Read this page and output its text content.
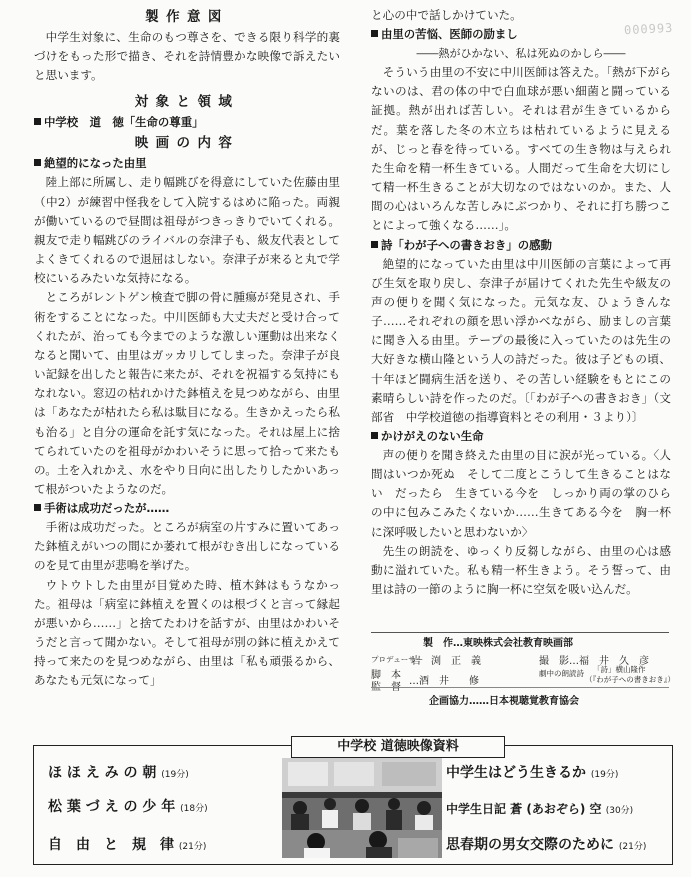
000993
製作意図

中学生対象に、生命のもつ尊さを、できる限り科学的裏づけをもった形で描き、それを詩情豊かな映像で訴えたいと思います。

対象と領域

中学校　道　徳「生命の尊重」

映画の内容

絶望的になった由里

陸上部に所属し、走り幅跳びを得意にしていた佐藤由里（中2）が練習中怪我をして入院するはめに陥った。両親が働いているので昼間は祖母がつきっきりでいてくれる。親友で走り幅跳びのライバルの奈津子も、級友代表としてよくきてくれるので退屈はしない。奈津子が来ると丸で学校にいるみたいな気持になる。

ところがレントゲン検査で脚の骨に腫瘍が発見され、手術をすることになった。中川医師も大丈夫だと受け合ってくれたが、治っても今までのような激しい運動は出来なくなると聞いて、由里はガッカリしてしまった。奈津子が良い記録を出したと報告に来たが、それを祝福する気持にもなれない。窓辺の枯れかけた鉢植えを見つめながら、由里は「あなたが枯れたら私は駄目になる。生きかえったら私も治る」と自分の運命を託す気になった。それは屋上に捨てられていたのを祖母がかわいそうに思って拾って来たもの。土を入れかえ、水をやり日向に出したりしたかいあって根がついたようなのだ。

手術は成功だったが……

手術は成功だった。ところが病室の片すみに置いてあった鉢植えがいつの間にか萎れて根がむき出しになっているのを見て由里が悲鳴を挙げた。

ウトウトした由里が目覚めた時、植木鉢はもうなかった。祖母は「病室に鉢植えを置くのは根づくと言って縁起が悪いから……」と捨てたわけを話すが、由里はかわいそうだと言って聞かない。そして祖母が別の鉢に植えかえて持って来たのを見つめながら、由里は「私も頑張るから、あなたも元気になって」

と心の中で話しかけていた。

由里の苦悩、医師の励まし

――熱がひかない、私は死ぬのかしら――

そういう由里の不安に中川医師は答えた。「熱が下がらないのは、君の体の中で白血球が悪い細菌と闘っている証拠。熱が出れば苦しい。それは君が生きているからだ。葉を落した冬の木立ちは枯れているように見えるが、じっと春を待っている。すべての生き物は与えられた生命を精一杯生きている。人間だって生命を大切にして精一杯生きることが大切なのではないのか。また、人間の心はいろんな苦しみにぶつかり、それに打ち勝つことによって強くなる……」。

詩「わが子への書きおき」の感動

絶望的になっていた由里は中川医師の言葉によって再び生気を取り戻し、奈津子が届けてくれた先生や級友の声の便りを聞く気になった。元気な友、ひょうきんな子……それぞれの顔を思い浮かべながら、励ましの言葉に聞き入る由里。テープの最後に入っていたのは先生の大好きな横山隆という人の詩だった。彼は子どもの頃、十年ほど闘病生活を送り、その苦しい経験をもとにこの素晴らしい詩を作ったのだ。〔「わが子への書きおき」（文部省　中学校道徳の指導資料とその利用・３より）〕

かけがえのない生命

声の便りを聞き終えた由里の目に涙が光っている。〈人間はいつか死ぬ　そして二度とこうして生きることはない　だったら　生きている今を　しっかり両の掌のひらの中に包みこみたくないか……生きてある今を　胸一杯に深呼吸したいと思わないか〉

先生の朗読を、ゆっくり反芻しながら、由里の心は感動に溢れていた。私も精一杯生きよう。そう誓って、由里は詩の一節のように胸一杯に空気を吸い込んだ。

製　作…東映株式会社教育映画部
プロデューサー
岩　渕　正　義	撮　影…福　井　久　彦
脚　本
…酒　井　　修
劇中の朗読詩 「詩」横山隆作
（『わが子への書きおき』）
企画協力……日本視聴覚教育協会
中学校 道徳映像資料
ほ ほ え み の 朝 (19分)
松 葉 づ え の 少 年 (18分)
自　由　と　規　律 (21分)
中学生はどう生きるか (19分)
中学生日記 蒼 (あおぞら) 空 (30分)
思春期の男女交際のために (21分)
